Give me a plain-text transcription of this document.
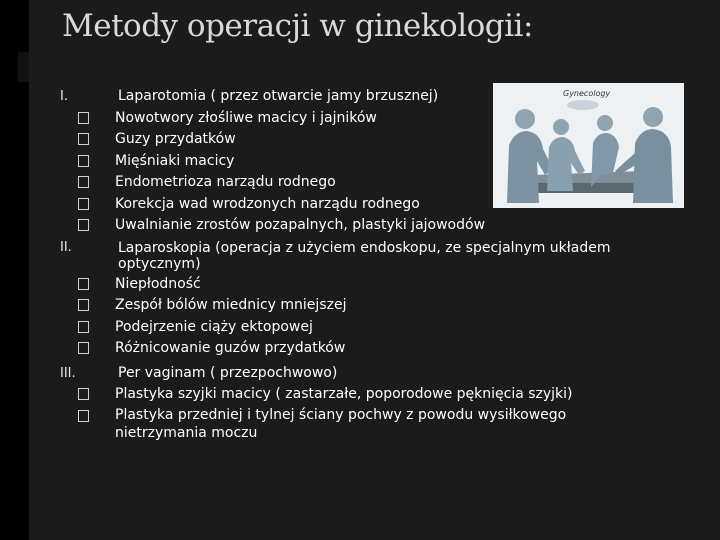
Metody operacji w ginekologii:
I.	Laparotomia ( przez otwarcie jamy brzusznej)
Nowotwory złośliwe macicy i jajników
Guzy przydatków
Mięśniaki macicy
Endometrioza narządu rodnego
Korekcja wad wrodzonych narządu rodnego
Uwalnianie zrostów pozapalnych, plastyki jajowodów
II.	Laparoskopia (operacja z użyciem endoskopu, ze specjalnym układem optycznym)
Niepłodność
Zespół bólów miednicy mniejszej
Podejrzenie ciąży ektopowej
Różnicowanie guzów przydatków
III.	Per vaginam ( przezpochwowo)
Plastyka szyjki macicy ( zastarzałe, poporodowe pęknięcia szyjki)
Plastyka przedniej i tylnej ściany pochwy z powodu wysiłkowego nietrzymania moczu
Gynecology
